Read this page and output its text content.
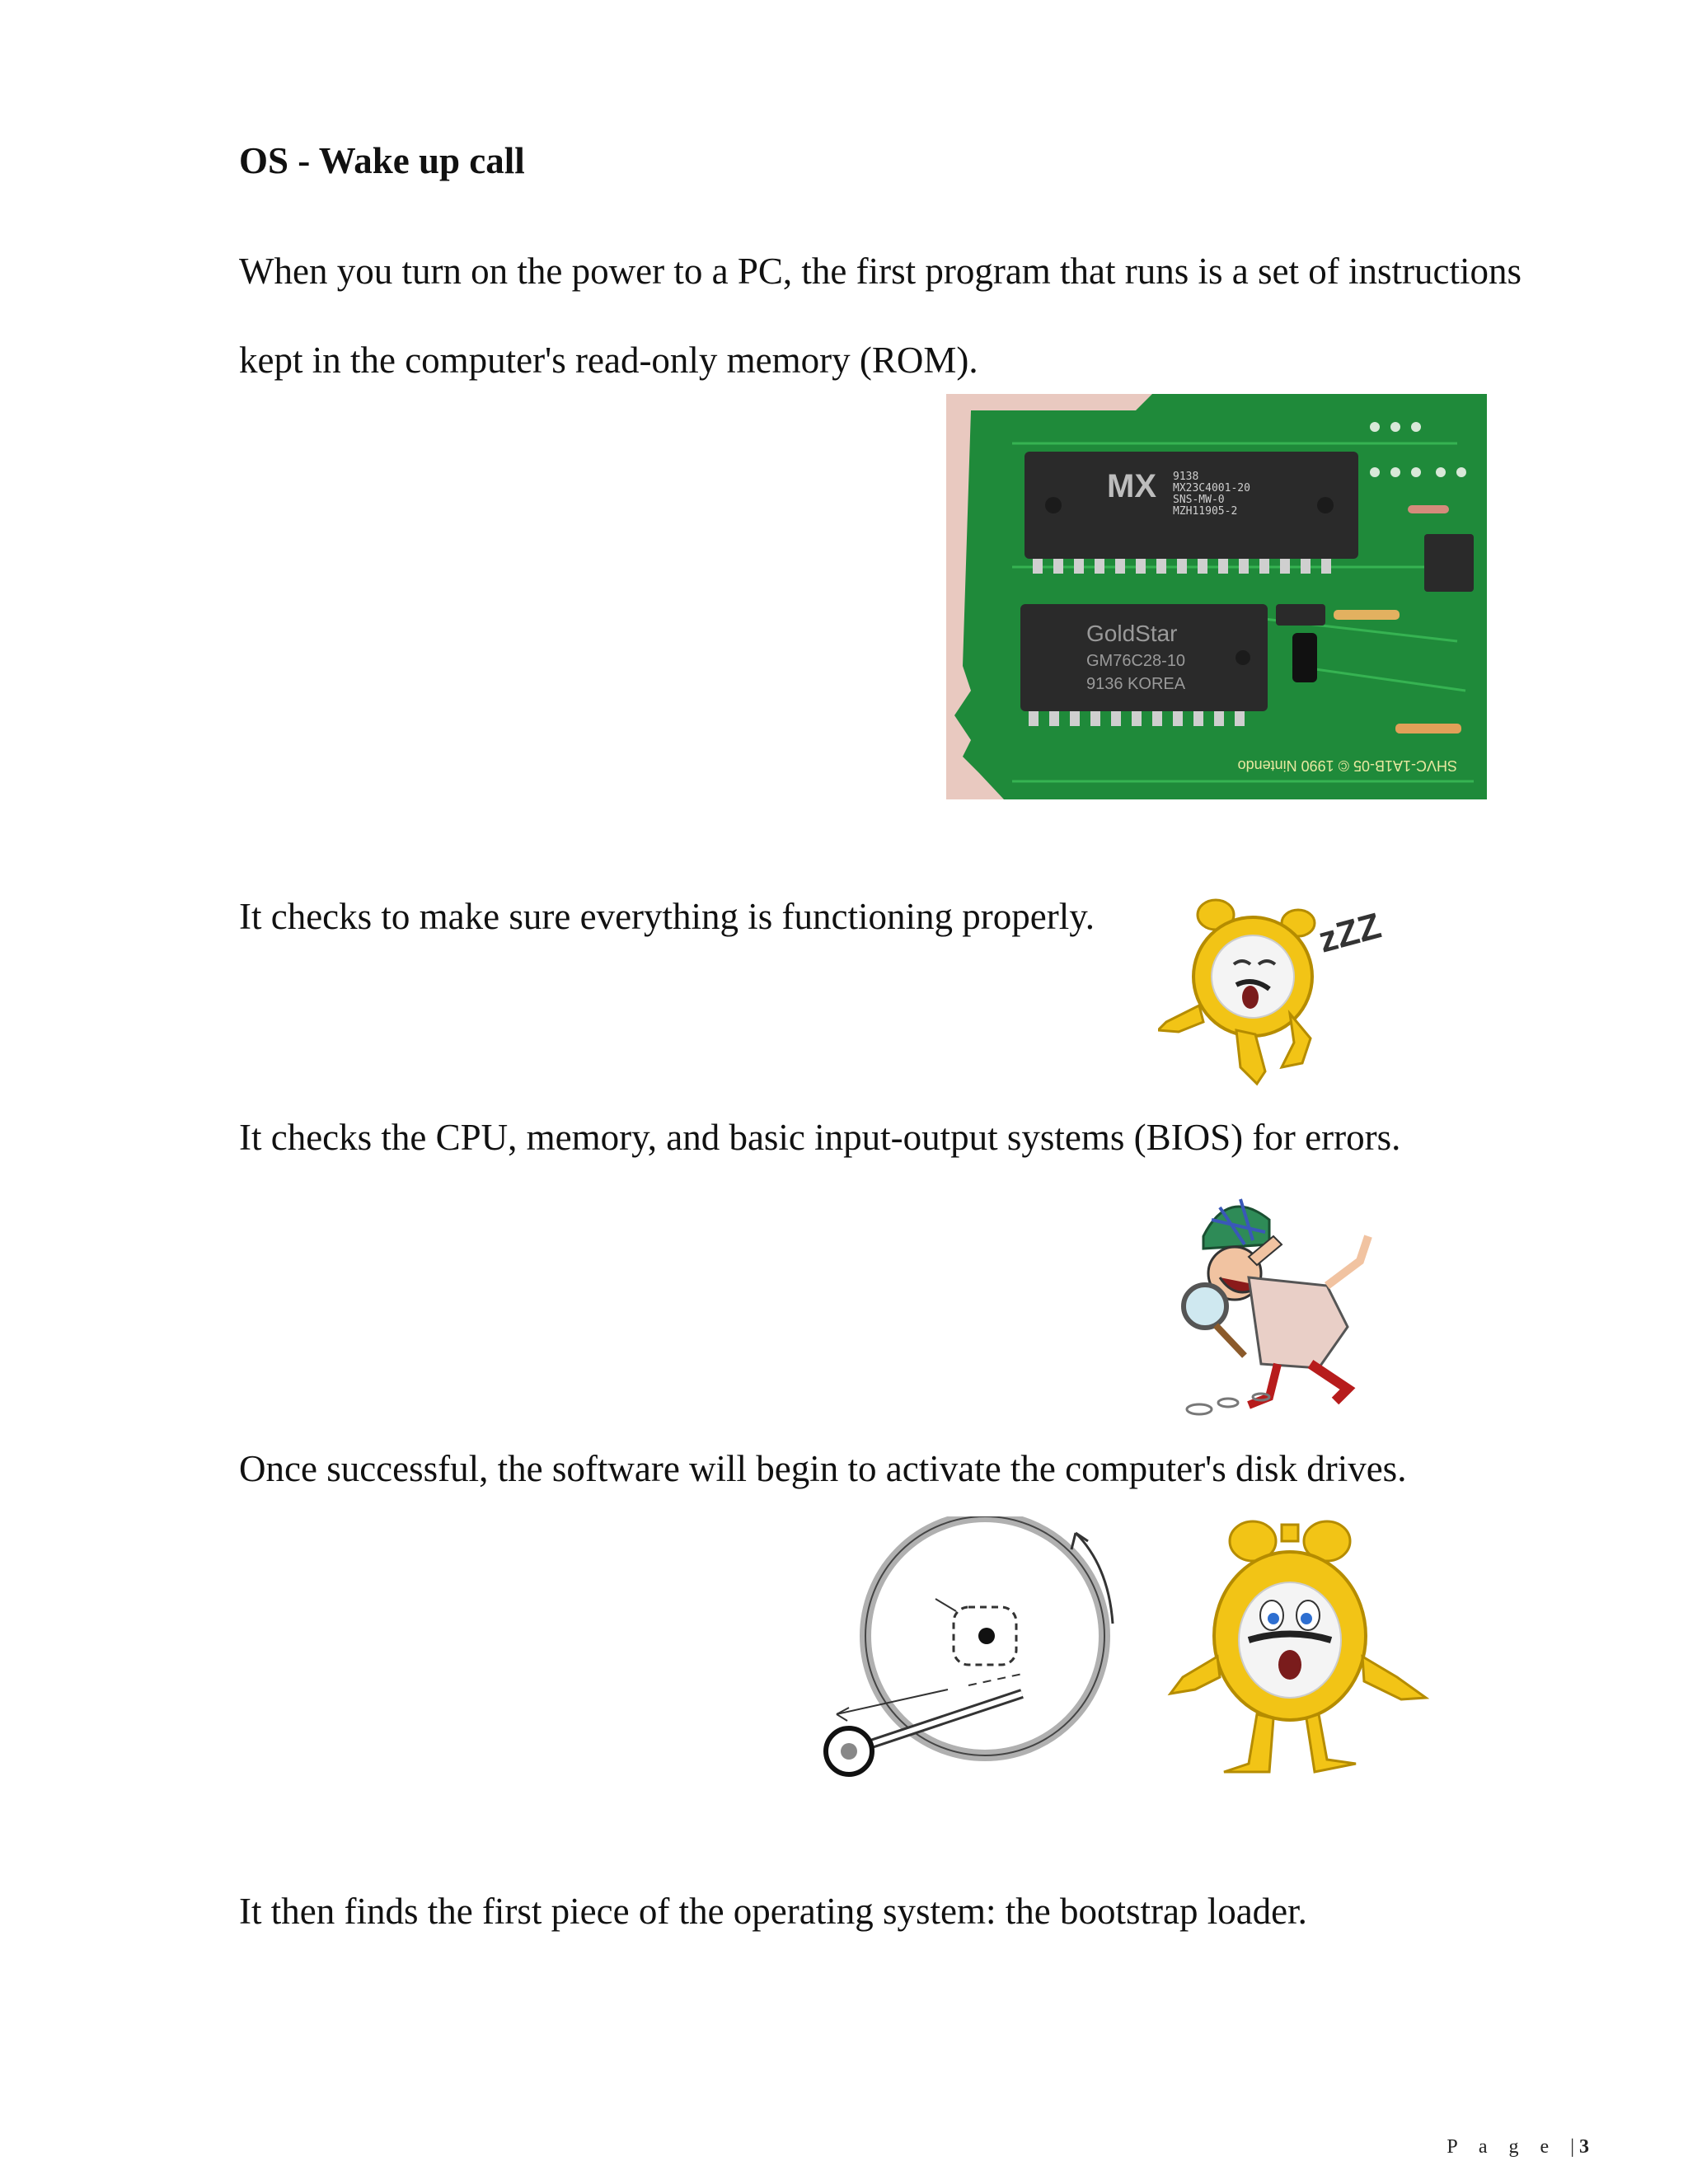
OS - Wake up call

When you turn on the power to a PC, the first program that runs is a set of instructions

kept in the computer's read-only memory (ROM).

MX 9138
MX23C4001-20
SNS-MW-0
MZH11905-2
GoldStar
GM76C28-10
9136 KOREA
SHVC-1A1B-05 © 1990 Nintendo

It checks to make sure everything is functioning properly.	zZZ

It checks the CPU, memory, and basic input-output systems (BIOS) for errors.

Once successful, the software will begin to activate the computer's disk drives.

It then finds the first piece of the operating system: the bootstrap loader.

P a g e | 3
